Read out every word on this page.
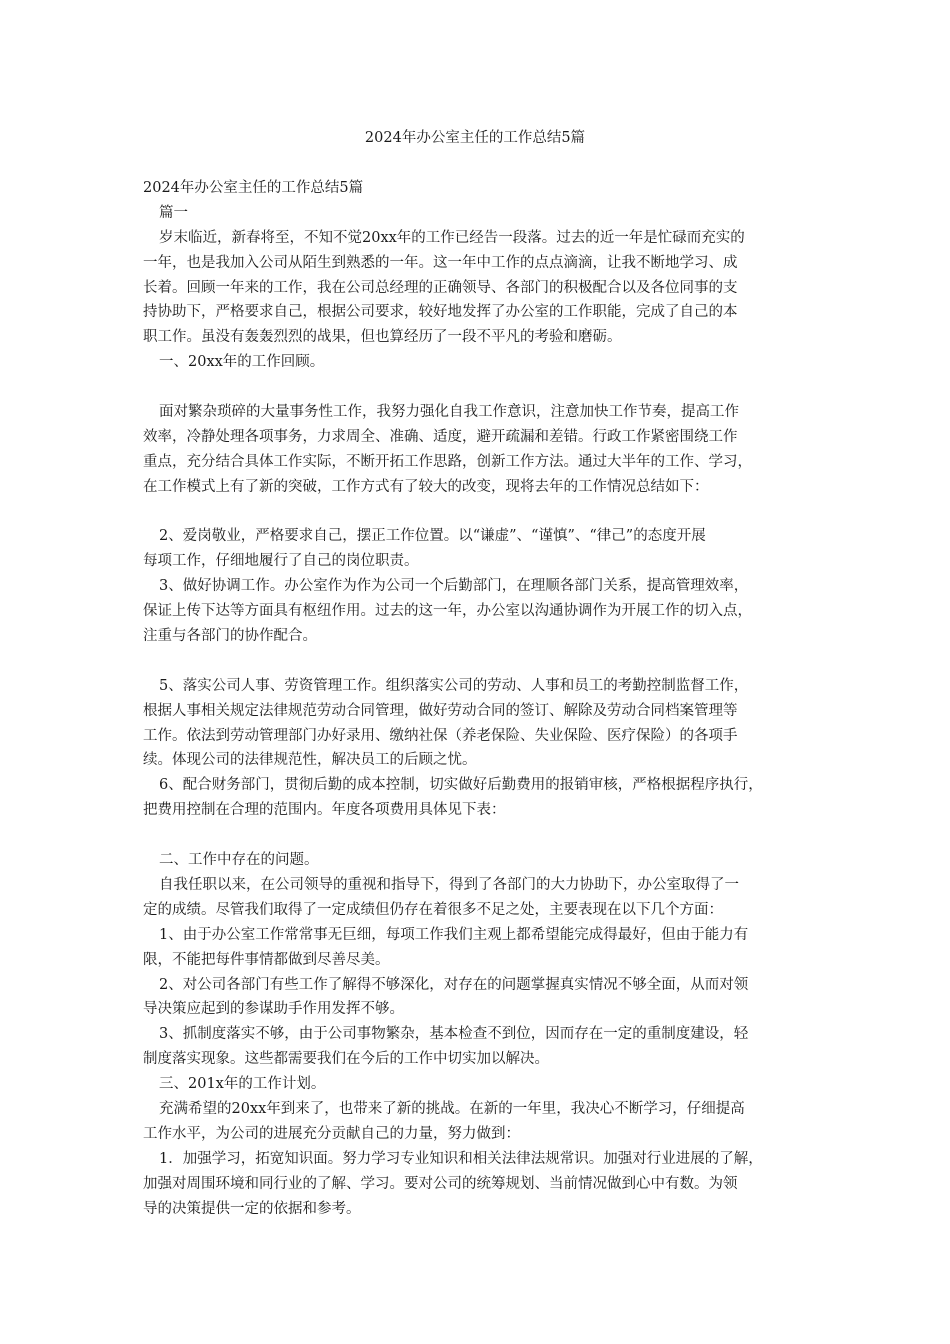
2024年办公室主任的工作总结5篇
2024年办公室主任的工作总结5篇
篇一
岁末临近，新春将至，不知不觉20xx年的工作已经告一段落。过去的近一年是忙碌而充实的
一年，也是我加入公司从陌生到熟悉的一年。这一年中工作的点点滴滴，让我不断地学习、成
长着。回顾一年来的工作，我在公司总经理的正确领导、各部门的积极配合以及各位同事的支
持协助下，严格要求自己，根据公司要求，较好地发挥了办公室的工作职能，完成了自己的本
职工作。虽没有轰轰烈烈的战果，但也算经历了一段不平凡的考验和磨砺。
一、20xx年的工作回顾。
面对繁杂琐碎的大量事务性工作，我努力强化自我工作意识，注意加快工作节奏，提高工作
效率，冷静处理各项事务，力求周全、准确、适度，避开疏漏和差错。行政工作紧密围绕工作
重点，充分结合具体工作实际，不断开拓工作思路，创新工作方法。通过大半年的工作、学习，
在工作模式上有了新的突破，工作方式有了较大的改变，现将去年的工作情况总结如下：
2、爱岗敬业，严格要求自己，摆正工作位置。以“谦虚”、“谨慎”、“律己”的态度开展
每项工作，仔细地履行了自己的岗位职责。
3、做好协调工作。办公室作为作为公司一个后勤部门，在理顺各部门关系，提高管理效率，
保证上传下达等方面具有枢纽作用。过去的这一年，办公室以沟通协调作为开展工作的切入点，
注重与各部门的协作配合。
5、落实公司人事、劳资管理工作。组织落实公司的劳动、人事和员工的考勤控制监督工作，
根据人事相关规定法律规范劳动合同管理，做好劳动合同的签订、解除及劳动合同档案管理等
工作。依法到劳动管理部门办好录用、缴纳社保（养老保险、失业保险、医疗保险）的各项手
续。体现公司的法律规范性，解决员工的后顾之忧。
6、配合财务部门，贯彻后勤的成本控制，切实做好后勤费用的报销审核，严格根据程序执行，
把费用控制在合理的范围内。年度各项费用具体见下表：
二、工作中存在的问题。
自我任职以来，在公司领导的重视和指导下，得到了各部门的大力协助下，办公室取得了一
定的成绩。尽管我们取得了一定成绩但仍存在着很多不足之处，主要表现在以下几个方面：
1、由于办公室工作常常事无巨细，每项工作我们主观上都希望能完成得最好，但由于能力有
限，不能把每件事情都做到尽善尽美。
2、对公司各部门有些工作了解得不够深化，对存在的问题掌握真实情况不够全面，从而对领
导决策应起到的参谋助手作用发挥不够。
3、抓制度落实不够，由于公司事物繁杂，基本检查不到位，因而存在一定的重制度建设，轻
制度落实现象。这些都需要我们在今后的工作中切实加以解决。
三、201x年的工作计划。
充满希望的20xx年到来了，也带来了新的挑战。在新的一年里，我决心不断学习，仔细提高
工作水平，为公司的进展充分贡献自己的力量，努力做到：
1．加强学习，拓宽知识面。努力学习专业知识和相关法律法规常识。加强对行业进展的了解，
加强对周围环境和同行业的了解、学习。要对公司的统筹规划、当前情况做到心中有数。为领
导的决策提供一定的依据和参考。
